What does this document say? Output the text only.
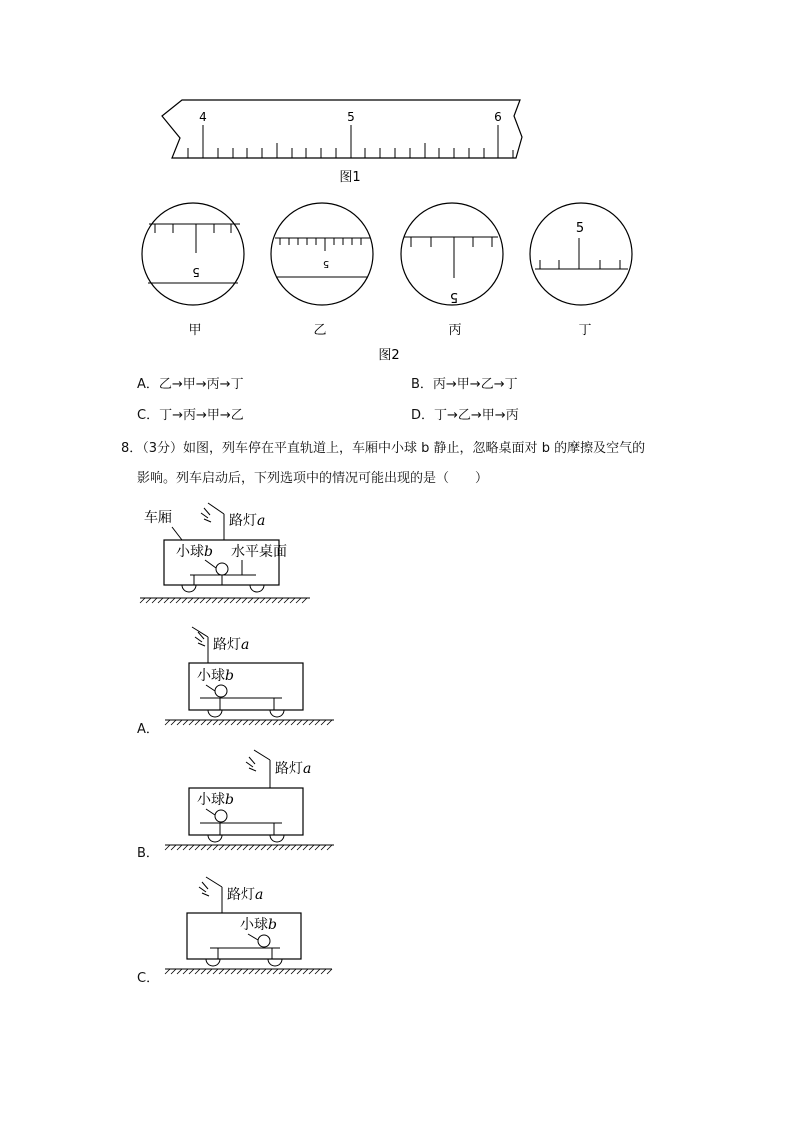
4	5	6
图1
5
5
5
5
甲	乙	丙	丁
图2
A．乙→甲→丙→丁	B．丙→甲→乙→丁
C．丁→丙→甲→乙	D．丁→乙→甲→丙
8．（3分）如图，列车停在平直轨道上，车厢中小球 b 静止，忽略桌面对 b 的摩擦及空气的
影响。列车启动后，下列选项中的情况可能出现的是（　　）
路灯a
车厢
小球b 水平桌面
路灯a
小球b
A．
路灯a
小球b
B．
路灯a
小球b
C．
